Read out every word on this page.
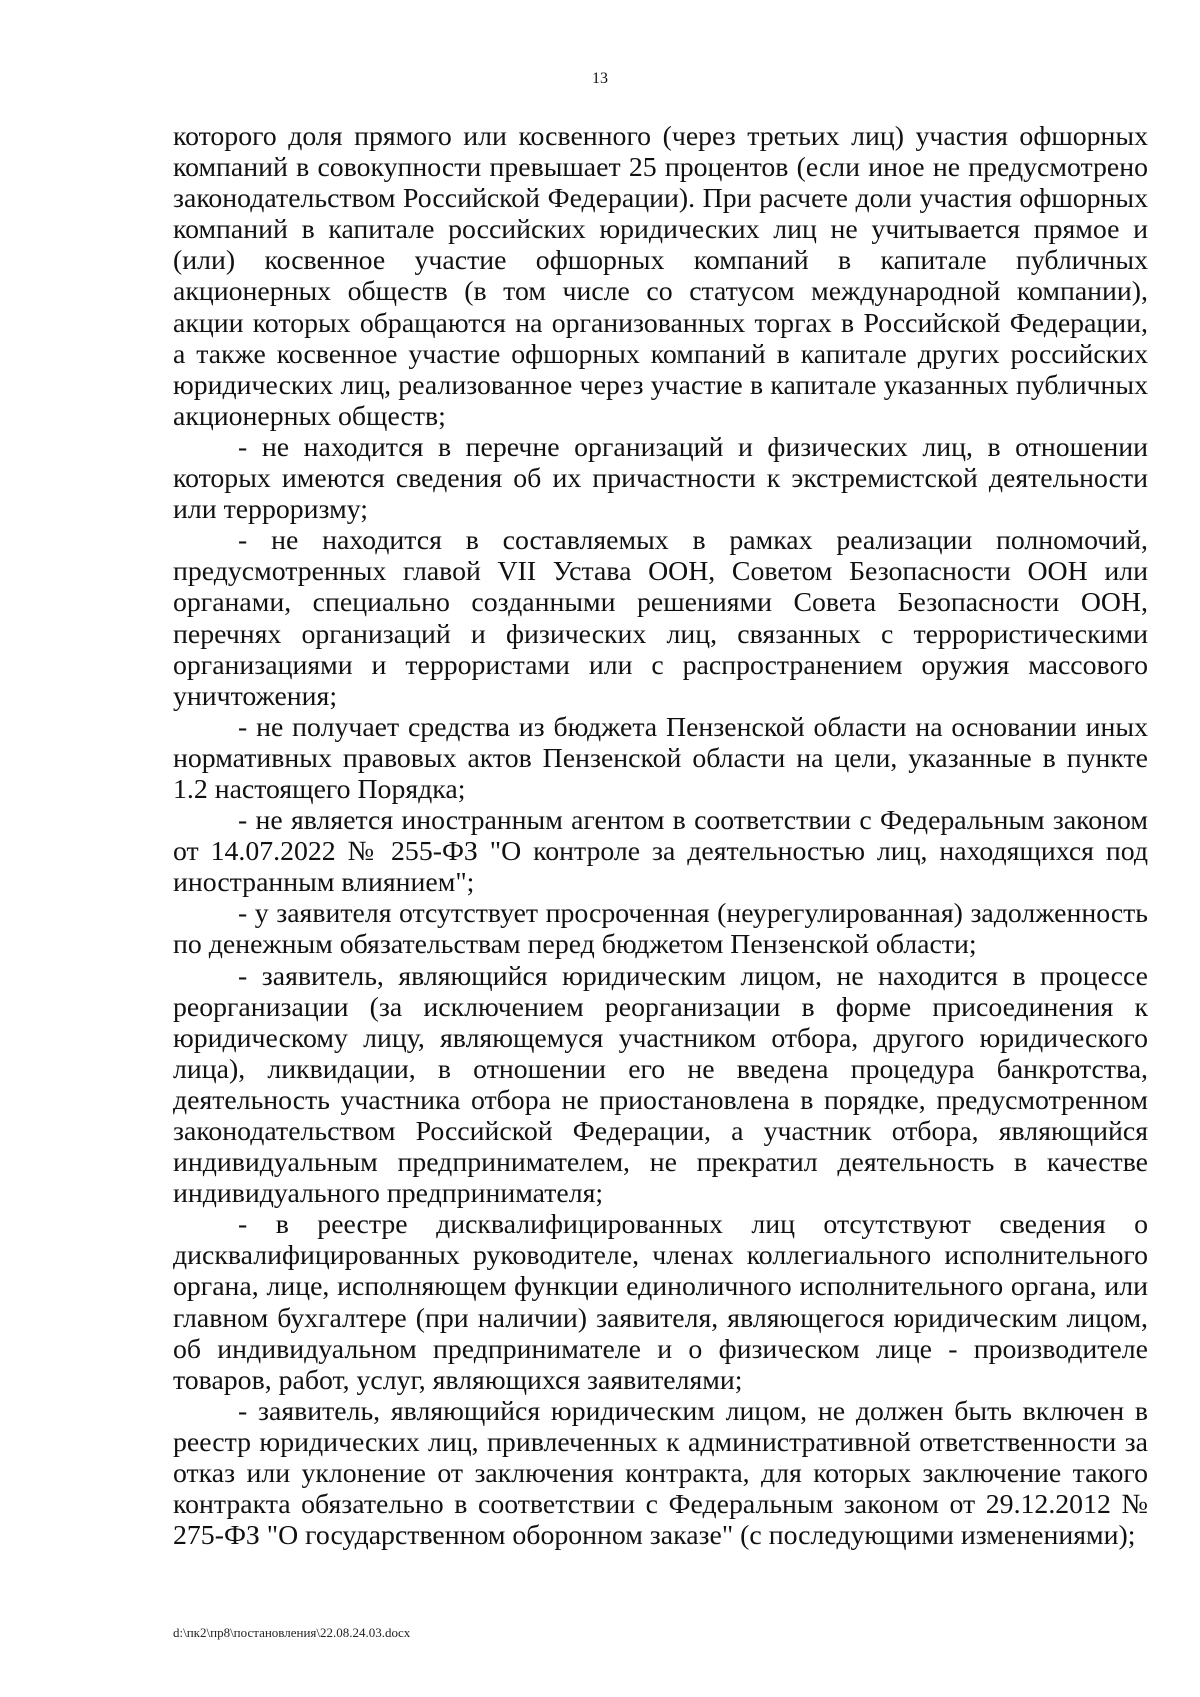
13

которого доля прямого или косвенного (через третьих лиц) участия офшорных компаний в совокупности превышает 25 процентов (если иное не предусмотрено законодательством Российской Федерации). При расчете доли участия офшорных компаний в капитале российских юридических лиц не учитывается прямое и (или) косвенное участие офшорных компаний в капитале публичных акционерных обществ (в том числе со статусом международной компании), акции которых обращаются на организованных торгах в Российской Федерации, а также косвенное участие офшорных компаний в капитале других российских юридических лиц, реализованное через участие в капитале указанных публичных акционерных обществ;

- не находится в перечне организаций и физических лиц, в отношении которых имеются сведения об их причастности к экстремистской деятельности или терроризму;

- не находится в составляемых в рамках реализации полномочий, предусмотренных главой VII Устава ООН, Советом Безопасности ООН или органами, специально созданными решениями Совета Безопасности ООН, перечнях организаций и физических лиц, связанных с террористическими организациями и террористами или с распространением оружия массового уничтожения;

- не получает средства из бюджета Пензенской области на основании иных нормативных правовых актов Пензенской области на цели, указанные в пункте 1.2 настоящего Порядка;

- не является иностранным агентом в соответствии с Федеральным законом от 14.07.2022 № 255-ФЗ "О контроле за деятельностью лиц, находящихся под иностранным влиянием";

- у заявителя отсутствует просроченная (неурегулированная) задолженность по денежным обязательствам перед бюджетом Пензенской области;

- заявитель, являющийся юридическим лицом, не находится в процессе реорганизации (за исключением реорганизации в форме присоединения к юридическому лицу, являющемуся участником отбора, другого юридического лица), ликвидации, в отношении его не введена процедура банкротства, деятельность участника отбора не приостановлена в порядке, предусмотренном законодательством Российской Федерации, а участник отбора, являющийся индивидуальным предпринимателем, не прекратил деятельность в качестве индивидуального предпринимателя;

- в реестре дисквалифицированных лиц отсутствуют сведения о дисквалифицированных руководителе, членах коллегиального исполнительного органа, лице, исполняющем функции единоличного исполнительного органа, или главном бухгалтере (при наличии) заявителя, являющегося юридическим лицом, об индивидуальном предпринимателе и о физическом лице - производителе товаров, работ, услуг, являющихся заявителями;

- заявитель, являющийся юридическим лицом, не должен быть включен в реестр юридических лиц, привлеченных к административной ответственности за отказ или уклонение от заключения контракта, для которых заключение такого контракта обязательно в соответствии с Федеральным законом от 29.12.2012 № 275-ФЗ "О государственном оборонном заказе" (с последующими изменениями);

d:\пк2\пр8\постановления\22.08.24.03.docx
